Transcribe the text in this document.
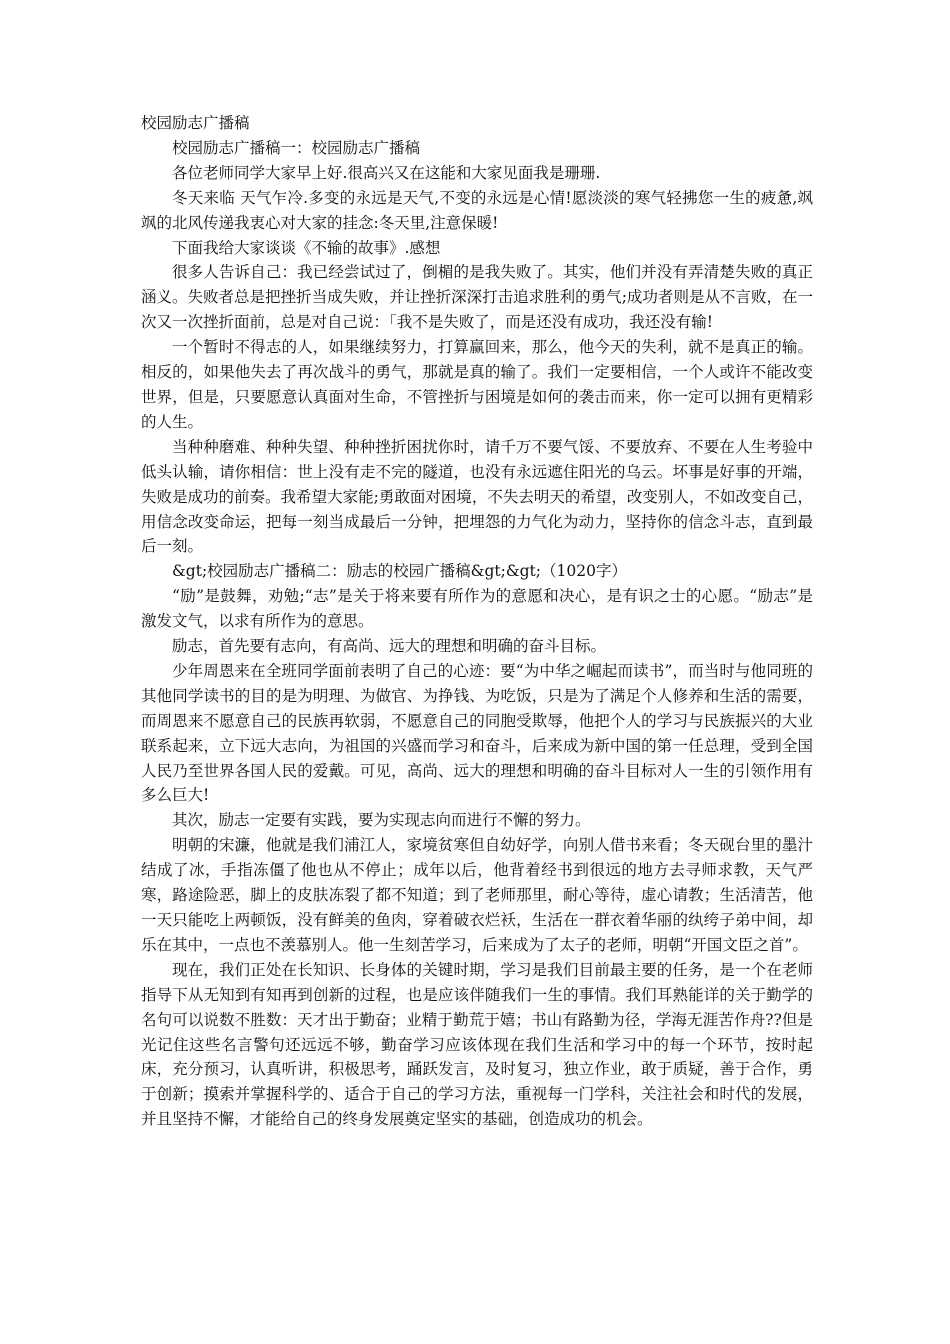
校园励志广播稿

校园励志广播稿一：校园励志广播稿

各位老师同学大家早上好.很高兴又在这能和大家见面我是珊珊.

冬天来临 天气乍冷.多变的永远是天气,不变的永远是心情!愿淡淡的寒气轻拂您一生的疲惫,飒飒的北风传递我衷心对大家的挂念:冬天里,注意保暖!

下面我给大家谈谈《不输的故事》.感想

很多人告诉自己：我已经尝试过了，倒楣的是我失败了。其实，他们并没有弄清楚失败的真正涵义。失败者总是把挫折当成失败，并让挫折深深打击追求胜利的勇气;成功者则是从不言败，在一次又一次挫折面前，总是对自己说：「我不是失败了，而是还没有成功，我还没有输!

一个暂时不得志的人，如果继续努力，打算赢回来，那么，他今天的失利，就不是真正的输。相反的，如果他失去了再次战斗的勇气，那就是真的输了。我们一定要相信，一个人或许不能改变世界，但是，只要愿意认真面对生命，不管挫折与困境是如何的袭击而来，你一定可以拥有更精彩的人生。

当种种磨难、种种失望、种种挫折困扰你时，请千万不要气馁、不要放弃、不要在人生考验中低头认输，请你相信：世上没有走不完的隧道，也没有永远遮住阳光的乌云。坏事是好事的开端，失败是成功的前奏。我希望大家能;勇敢面对困境，不失去明天的希望，改变别人，不如改变自己，用信念改变命运，把每一刻当成最后一分钟，把埋怨的力气化为动力，坚持你的信念斗志，直到最后一刻。

&gt;校园励志广播稿二：励志的校园广播稿&gt;&gt;（1020字）

“励”是鼓舞，劝勉;“志”是关于将来要有所作为的意愿和决心，是有识之士的心愿。“励志”是激发文气，以求有所作为的意思。

励志，首先要有志向，有高尚、远大的理想和明确的奋斗目标。

少年周恩来在全班同学面前表明了自己的心迹：要“为中华之崛起而读书”，而当时与他同班的其他同学读书的目的是为明理、为做官、为挣钱、为吃饭，只是为了满足个人修养和生活的需要，而周恩来不愿意自己的民族再软弱，不愿意自己的同胞受欺辱，他把个人的学习与民族振兴的大业联系起来，立下远大志向，为祖国的兴盛而学习和奋斗，后来成为新中国的第一任总理，受到全国人民乃至世界各国人民的爱戴。可见，高尚、远大的理想和明确的奋斗目标对人一生的引领作用有多么巨大!

其次，励志一定要有实践，要为实现志向而进行不懈的努力。

明朝的宋濂，他就是我们浦江人，家境贫寒但自幼好学，向别人借书来看；冬天砚台里的墨汁结成了冰，手指冻僵了他也从不停止；成年以后，他背着经书到很远的地方去寻师求教，天气严寒，路途险恶，脚上的皮肤冻裂了都不知道；到了老师那里，耐心等待，虚心请教；生活清苦，他一天只能吃上两顿饭，没有鲜美的鱼肉，穿着破衣烂袄，生活在一群衣着华丽的纨绔子弟中间，却乐在其中，一点也不羡慕别人。他一生刻苦学习，后来成为了太子的老师，明朝“开国文臣之首”。

现在，我们正处在长知识、长身体的关键时期，学习是我们目前最主要的任务，是一个在老师指导下从无知到有知再到创新的过程，也是应该伴随我们一生的事情。我们耳熟能详的关于勤学的名句可以说数不胜数：天才出于勤奋；业精于勤荒于嬉；书山有路勤为径，学海无涯苦作舟??但是光记住这些名言警句还远远不够，勤奋学习应该体现在我们生活和学习中的每一个环节，按时起床，充分预习，认真听讲，积极思考，踊跃发言，及时复习，独立作业，敢于质疑，善于合作，勇于创新；摸索并掌握科学的、适合于自己的学习方法，重视每一门学科，关注社会和时代的发展，并且坚持不懈，才能给自己的终身发展奠定坚实的基础，创造成功的机会。
